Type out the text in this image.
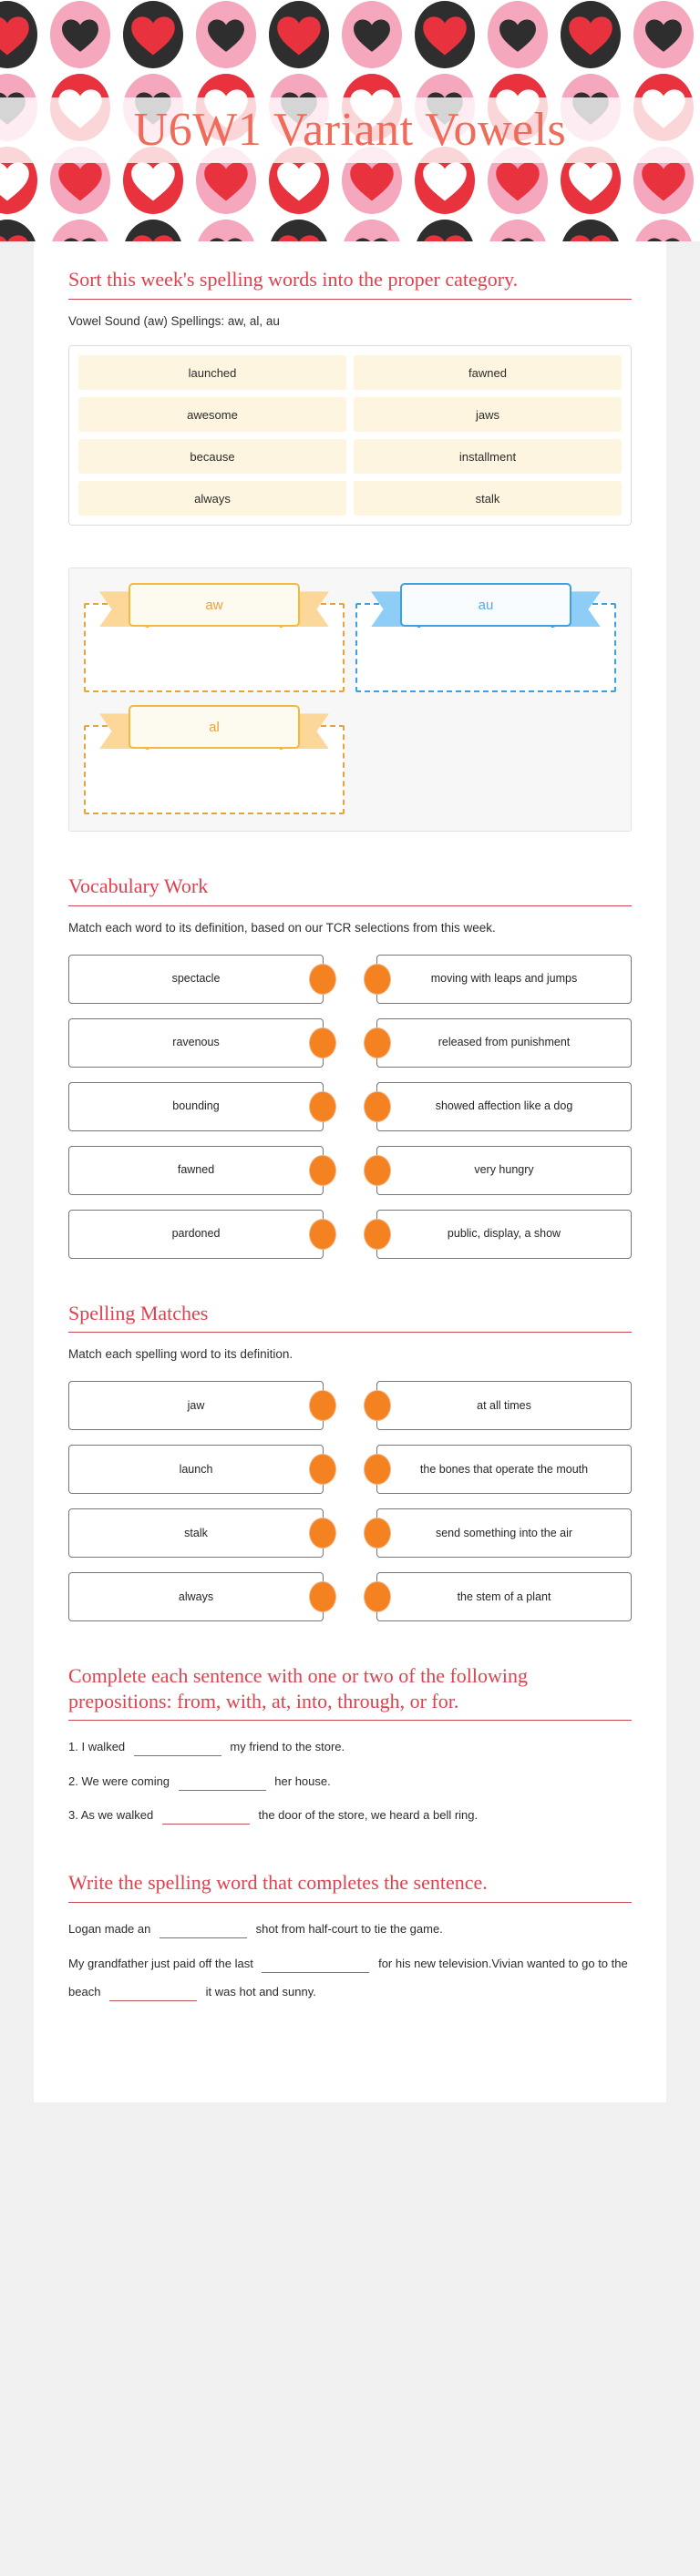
U6W1 Variant Vowels
Sort this week's spelling words into the proper category.
Vowel Sound (aw) Spellings: aw, al, au
launched	fawned
awesome	jaws
because	installment
always	stalk
aw	au
al
Vocabulary Work
Match each word to its definition, based on our TCR selections from this week.
spectacle	moving with leaps and jumps
ravenous	released from punishment
bounding	showed affection like a dog
fawned	very hungry
pardoned	public, display, a show
Spelling Matches
Match each spelling word to its definition.
jaw	at all times
launch	the bones that operate the mouth
stalk	send something into the air
always	the stem of a plant
Complete each sentence with one or two of the following prepositions: from, with, at, into, through, or for.
1. I walked	my friend to the store.
2. We were coming	her house.
3. As we walked	the door of the store, we heard a bell ring.
Write the spelling word that completes the sentence.
Logan made an	shot from half-court to tie the game.
My grandfather just paid off the last	for his new television.Vivian wanted to go to the beach	it was hot and sunny.
